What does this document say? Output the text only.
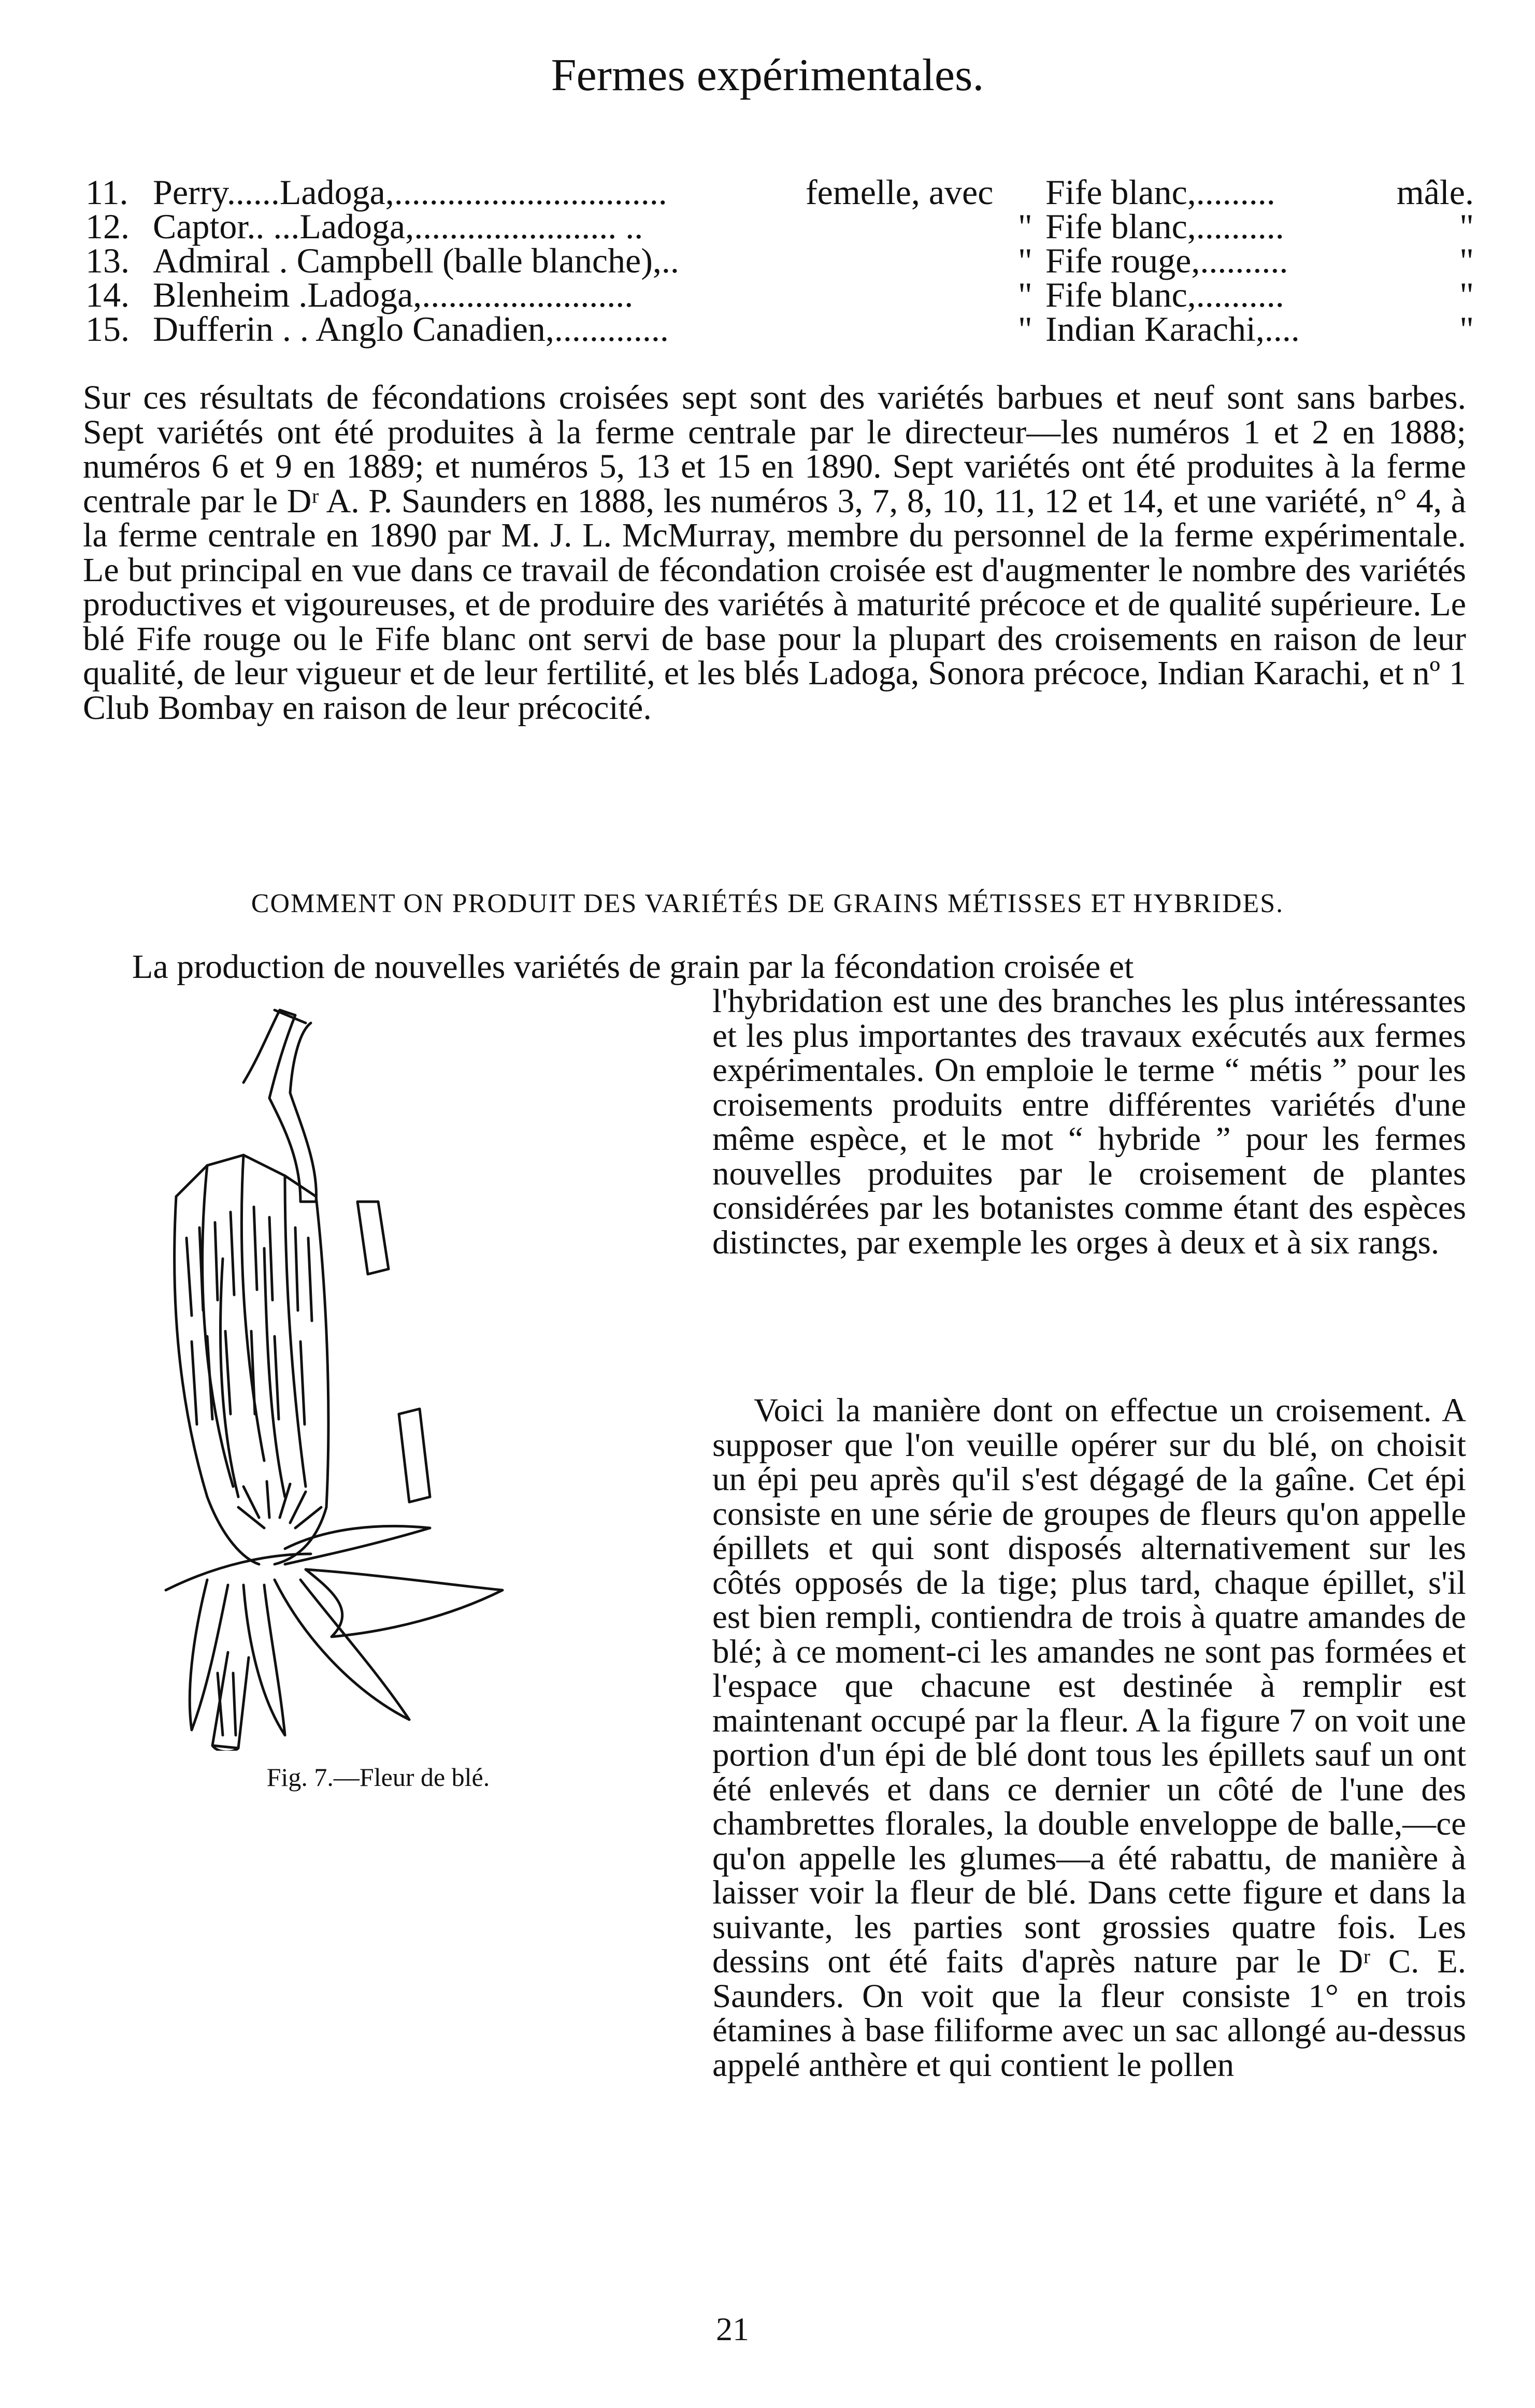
Fermes expérimentales.
11. Perry......Ladoga,...............................	femelle, avec Fife blanc,.........	mâle.
12. Captor.. ...Ladoga,....................... ..	" Fife blanc,..........	"
13. Admiral . Campbell (balle blanche),..	" Fife rouge,..........	"
14. Blenheim .Ladoga,........................	" Fife blanc,..........	"
15. Dufferin . . Anglo Canadien,.............	" Indian Karachi,....	"
Sur ces résultats de fécondations croisées sept sont des variétés barbues et neuf sont sans barbes. Sept variétés ont été produites à la ferme centrale par le directeur—les numéros 1 et 2 en 1888; numéros 6 et 9 en 1889; et numéros 5, 13 et 15 en 1890. Sept variétés ont été produites à la ferme centrale par le Dʳ A. P. Saunders en 1888, les numéros 3, 7, 8, 10, 11, 12 et 14, et une variété, n° 4, à la ferme centrale en 1890 par M. J. L. McMurray, membre du personnel de la ferme expérimentale. Le but principal en vue dans ce travail de fécondation croisée est d'augmenter le nombre des variétés productives et vigoureuses, et de produire des variétés à maturité précoce et de qualité supérieure. Le blé Fife rouge ou le Fife blanc ont servi de base pour la plupart des croisements en raison de leur qualité, de leur vigueur et de leur fertilité, et les blés Ladoga, Sonora précoce, Indian Karachi, et nº 1 Club Bombay en raison de leur précocité.
COMMENT ON PRODUIT DES VARIÉTÉS DE GRAINS MÉTISSES ET HYBRIDES.
La production de nouvelles variétés de grain par la fécondation croisée et
Fig. 7.—Fleur de blé.
l'hybridation est une des branches les plus intéressantes et les plus importantes des travaux exécutés aux fermes expérimentales. On emploie le terme “ métis ” pour les croisements produits entre différentes variétés d'une même espèce, et le mot “ hybride ” pour les fermes nouvelles produites par le croisement de plantes considérées par les botanistes comme étant des espèces distinctes, par exemple les orges à deux et à six rangs.

Voici la manière dont on effectue un croisement. A supposer que l'on veuille opérer sur du blé, on choisit un épi peu après qu'il s'est dégagé de la gaîne. Cet épi consiste en une série de groupes de fleurs qu'on appelle épillets et qui sont disposés alternativement sur les côtés opposés de la tige; plus tard, chaque épillet, s'il est bien rempli, contiendra de trois à quatre amandes de blé; à ce moment-ci les amandes ne sont pas formées et l'espace que chacune est destinée à remplir est maintenant occupé par la fleur. A la figure 7 on voit une portion d'un épi de blé dont tous les épillets sauf un ont été enlevés et dans ce dernier un côté de l'une des chambrettes florales, la double enveloppe de balle,—ce qu'on appelle les glumes—a été rabattu, de manière à laisser voir la fleur de blé. Dans cette figure et dans la suivante, les parties sont grossies quatre fois. Les dessins ont été faits d'après nature par le Dʳ C. E. Saunders. On voit que la fleur consiste 1° en trois étamines à base filiforme avec un sac allongé au-dessus appelé anthère et qui contient le pollen

21
